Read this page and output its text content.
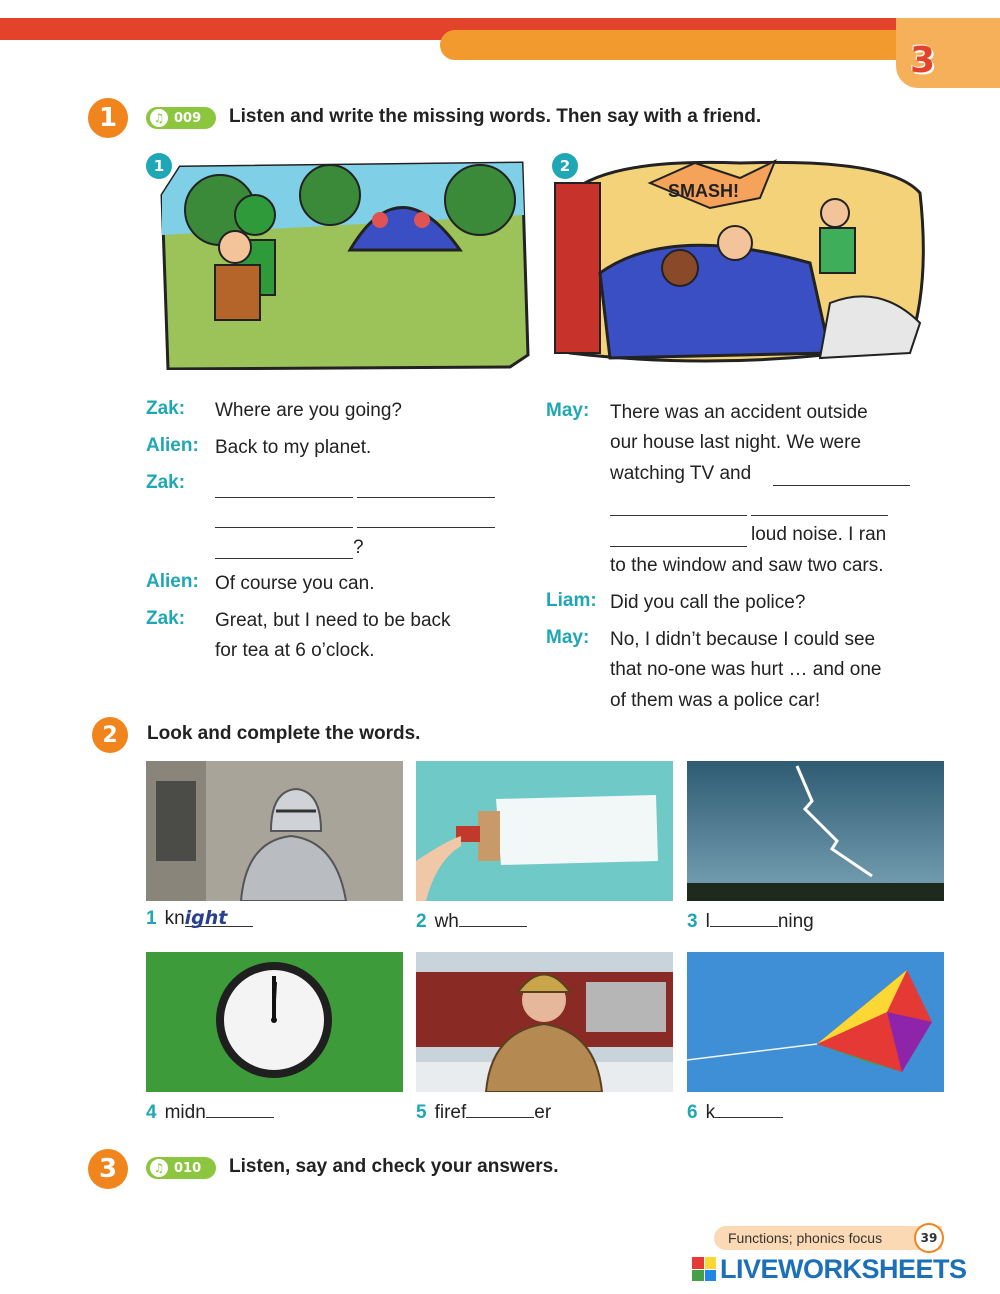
3
1	♫ 009 Listen and write the missing words. Then say with a friend.
1	2
SMASH!
Zak: Where are you going?
Alien: Back to my planet.
Zak:
?
Alien: Of course you can.
Zak: Great, but I need to be back
for tea at 6 o’clock.
May: There was an accident outside
our house last night. We were
watching TV and
loud noise. I ran
to the window and saw two cars.
Liam: Did you call the police?
May: No, I didn’t because I could see
that no-one was hurt … and one
of them was a police car!
2	Look and complete the words.
1 knight	2 wh	3 l	ning
4 midn	5 firef	er	6 k
3	♫ 010 Listen, say and check your answers.
Functions; phonics focus	39
LIVEWORKSHEETS
